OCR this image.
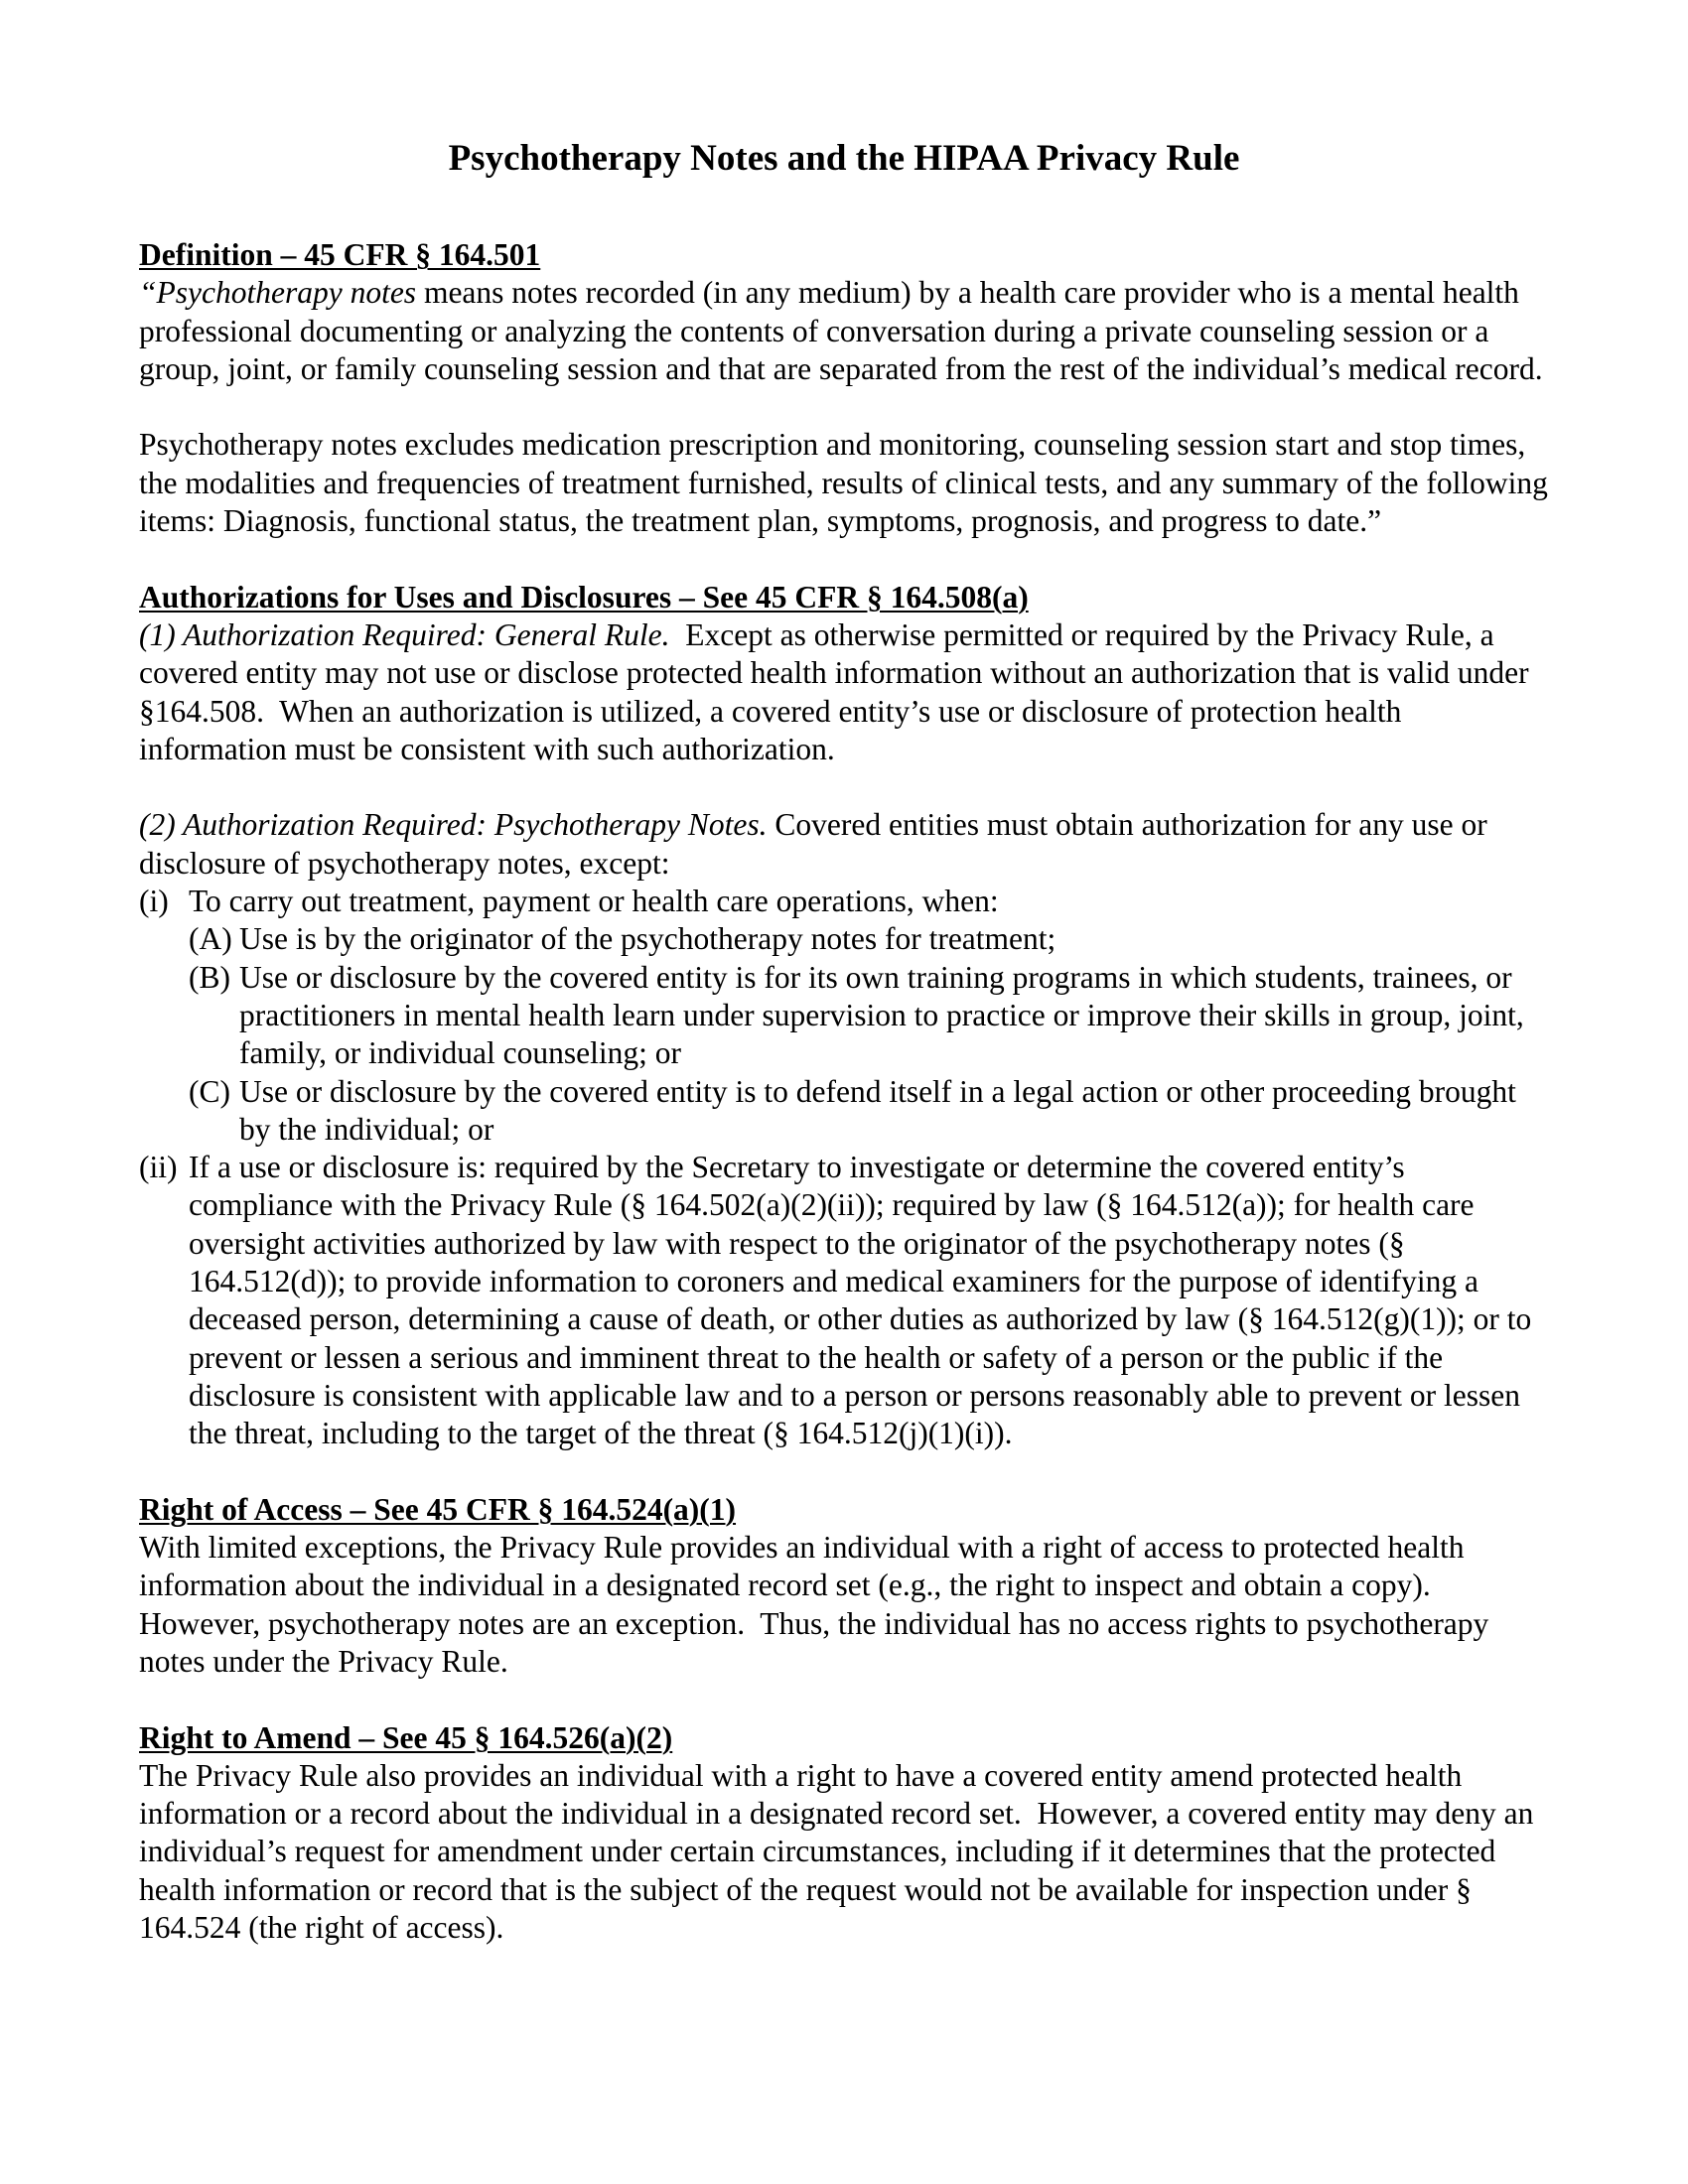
Psychotherapy Notes and the HIPAA Privacy Rule
Definition – 45 CFR § 164.501

“Psychotherapy notes means notes recorded (in any medium) by a health care provider who is a mental health professional documenting or analyzing the contents of conversation during a private counseling session or a group, joint, or family counseling session and that are separated from the rest of the individual’s medical record.

Psychotherapy notes excludes medication prescription and monitoring, counseling session start and stop times, the modalities and frequencies of treatment furnished, results of clinical tests, and any summary of the following items: Diagnosis, functional status, the treatment plan, symptoms, prognosis, and progress to date.”

Authorizations for Uses and Disclosures – See 45 CFR § 164.508(a)

(1) Authorization Required: General Rule.  Except as otherwise permitted or required by the Privacy Rule, a covered entity may not use or disclose protected health information without an authorization that is valid under §164.508.  When an authorization is utilized, a covered entity’s use or disclosure of protection health information must be consistent with such authorization.

(2) Authorization Required: Psychotherapy Notes. Covered entities must obtain authorization for any use or disclosure of psychotherapy notes, except:

(i) To carry out treatment, payment or health care operations, when:
(A) Use is by the originator of the psychotherapy notes for treatment;
(B) Use or disclosure by the covered entity is for its own training programs in which students, trainees, or practitioners in mental health learn under supervision to practice or improve their skills in group, joint, family, or individual counseling; or
(C) Use or disclosure by the covered entity is to defend itself in a legal action or other proceeding brought by the individual; or
(ii) If a use or disclosure is: required by the Secretary to investigate or determine the covered entity’s compliance with the Privacy Rule (§ 164.502(a)(2)(ii)); required by law (§ 164.512(a)); for health care oversight activities authorized by law with respect to the originator of the psychotherapy notes (§ 164.512(d)); to provide information to coroners and medical examiners for the purpose of identifying a deceased person, determining a cause of death, or other duties as authorized by law (§ 164.512(g)(1)); or to prevent or lessen a serious and imminent threat to the health or safety of a person or the public if the disclosure is consistent with applicable law and to a person or persons reasonably able to prevent or lessen the threat, including to the target of the threat (§ 164.512(j)(1)(i)).
Right of Access – See 45 CFR § 164.524(a)(1)

With limited exceptions, the Privacy Rule provides an individual with a right of access to protected health information about the individual in a designated record set (e.g., the right to inspect and obtain a copy).  However, psychotherapy notes are an exception.  Thus, the individual has no access rights to psychotherapy notes under the Privacy Rule.

Right to Amend – See 45 § 164.526(a)(2)

The Privacy Rule also provides an individual with a right to have a covered entity amend protected health information or a record about the individual in a designated record set.  However, a covered entity may deny an individual’s request for amendment under certain circumstances, including if it determines that the protected health information or record that is the subject of the request would not be available for inspection under § 164.524 (the right of access).
